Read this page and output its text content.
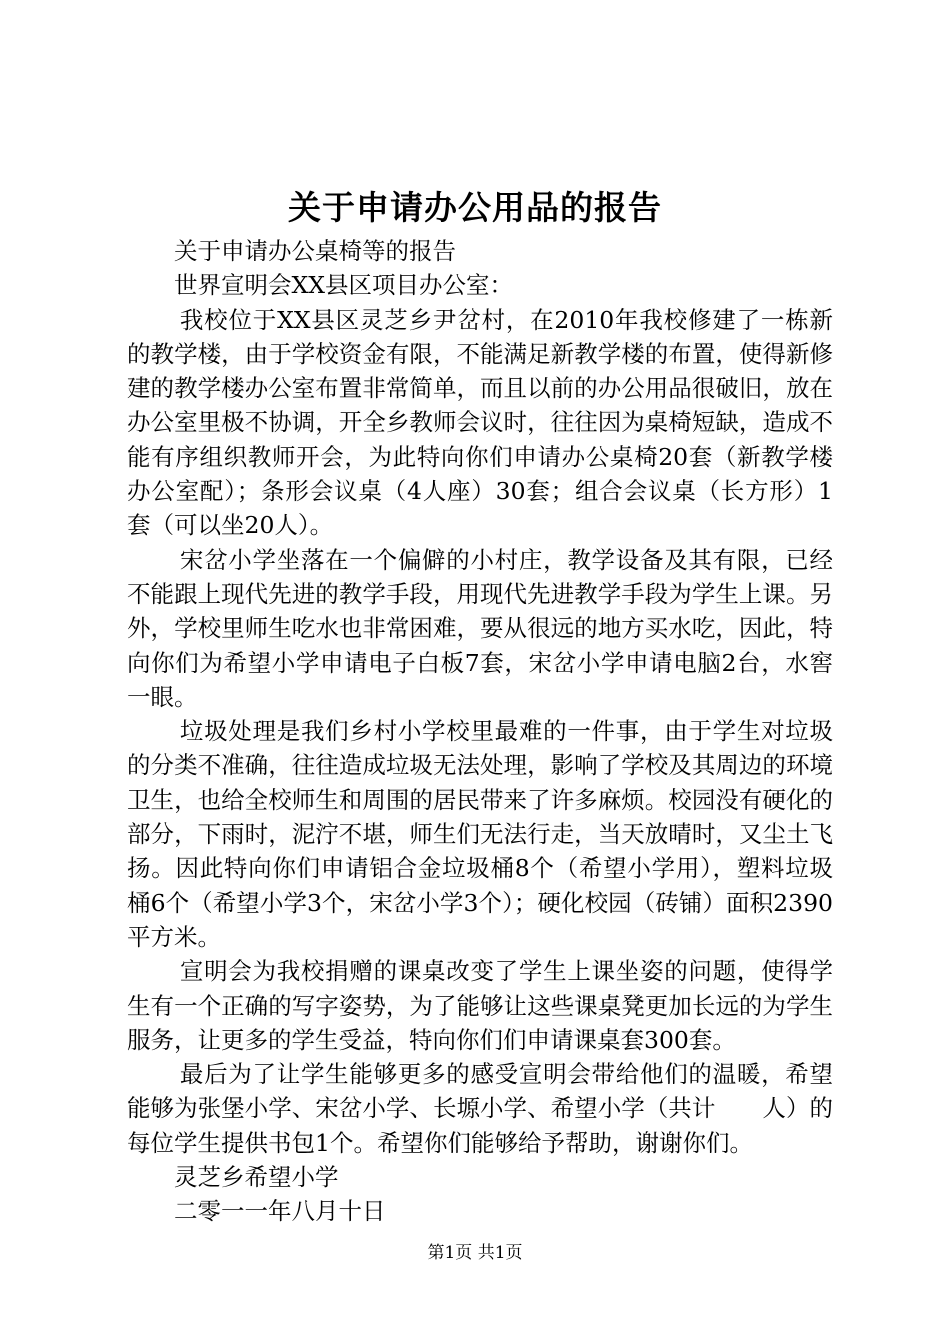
关于申请办公用品的报告

关于申请办公桌椅等的报告

世界宣明会XX县区项目办公室：

我校位于XX县区灵芝乡尹岔村，在2010年我校修建了一栋新的教学楼，由于学校资金有限，不能满足新教学楼的布置，使得新修建的教学楼办公室布置非常简单，而且以前的办公用品很破旧，放在办公室里极不协调，开全乡教师会议时，往往因为桌椅短缺，造成不能有序组织教师开会，为此特向你们申请办公桌椅20套（新教学楼办公室配）；条形会议桌（4人座）30套；组合会议桌（长方形）1套（可以坐20人）。

宋岔小学坐落在一个偏僻的小村庄，教学设备及其有限，已经不能跟上现代先进的教学手段，用现代先进教学手段为学生上课。另外，学校里师生吃水也非常困难，要从很远的地方买水吃，因此，特向你们为希望小学申请电子白板7套，宋岔小学申请电脑2台，水窖一眼。

垃圾处理是我们乡村小学校里最难的一件事，由于学生对垃圾的分类不准确，往往造成垃圾无法处理，影响了学校及其周边的环境卫生，也给全校师生和周围的居民带来了许多麻烦。校园没有硬化的部分，下雨时，泥泞不堪，师生们无法行走，当天放晴时，又尘土飞扬。因此特向你们申请铝合金垃圾桶8个（希望小学用），塑料垃圾桶6个（希望小学3个，宋岔小学3个）；硬化校园（砖铺）面积2390平方米。

宣明会为我校捐赠的课桌改变了学生上课坐姿的问题，使得学生有一个正确的写字姿势，为了能够让这些课桌凳更加长远的为学生服务，让更多的学生受益，特向你们们申请课桌套300套。

最后为了让学生能够更多的感受宣明会带给他们的温暖，希望能够为张堡小学、宋岔小学、长塬小学、希望小学（共计　　人）的每位学生提供书包1个。希望你们能够给予帮助，谢谢你们。

灵芝乡希望小学

二零一一年八月十日

第1页 共1页
